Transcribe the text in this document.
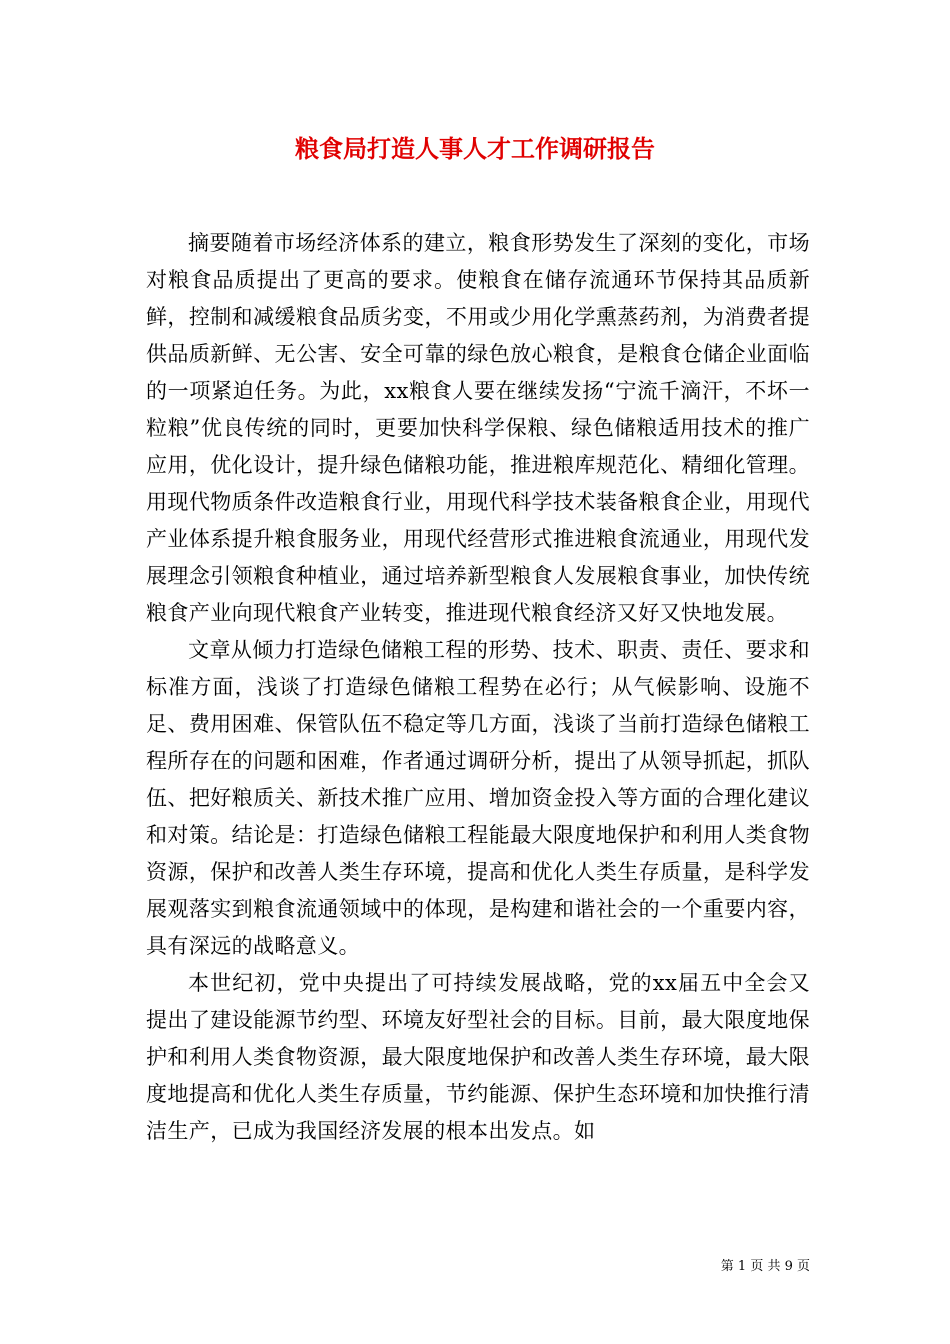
粮食局打造人事人才工作调研报告

摘要随着市场经济体系的建立，粮食形势发生了深刻的变化，市场对粮食品质提出了更高的要求。使粮食在储存流通环节保持其品质新鲜，控制和减缓粮食品质劣变，不用或少用化学熏蒸药剂，为消费者提供品质新鲜、无公害、安全可靠的绿色放心粮食，是粮食仓储企业面临的一项紧迫任务。为此，xx粮食人要在继续发扬“宁流千滴汗，不坏一粒粮”优良传统的同时，更要加快科学保粮、绿色储粮适用技术的推广应用，优化设计，提升绿色储粮功能，推进粮库规范化、精细化管理。用现代物质条件改造粮食行业，用现代科学技术装备粮食企业，用现代产业体系提升粮食服务业，用现代经营形式推进粮食流通业，用现代发展理念引领粮食种植业，通过培养新型粮食人发展粮食事业，加快传统粮食产业向现代粮食产业转变，推进现代粮食经济又好又快地发展。

文章从倾力打造绿色储粮工程的形势、技术、职责、责任、要求和标准方面，浅谈了打造绿色储粮工程势在必行；从气候影响、设施不足、费用困难、保管队伍不稳定等几方面，浅谈了当前打造绿色储粮工程所存在的问题和困难，作者通过调研分析，提出了从领导抓起，抓队伍、把好粮质关、新技术推广应用、增加资金投入等方面的合理化建议和对策。结论是：打造绿色储粮工程能最大限度地保护和利用人类食物资源，保护和改善人类生存环境，提高和优化人类生存质量，是科学发展观落实到粮食流通领域中的体现，是构建和谐社会的一个重要内容，具有深远的战略意义。

本世纪初，党中央提出了可持续发展战略，党的xx届五中全会又提出了建设能源节约型、环境友好型社会的目标。目前，最大限度地保护和利用人类食物资源，最大限度地保护和改善人类生存环境，最大限度地提高和优化人类生存质量，节约能源、保护生态环境和加快推行清洁生产，已成为我国经济发展的根本出发点。如

第 1 页 共 9 页
